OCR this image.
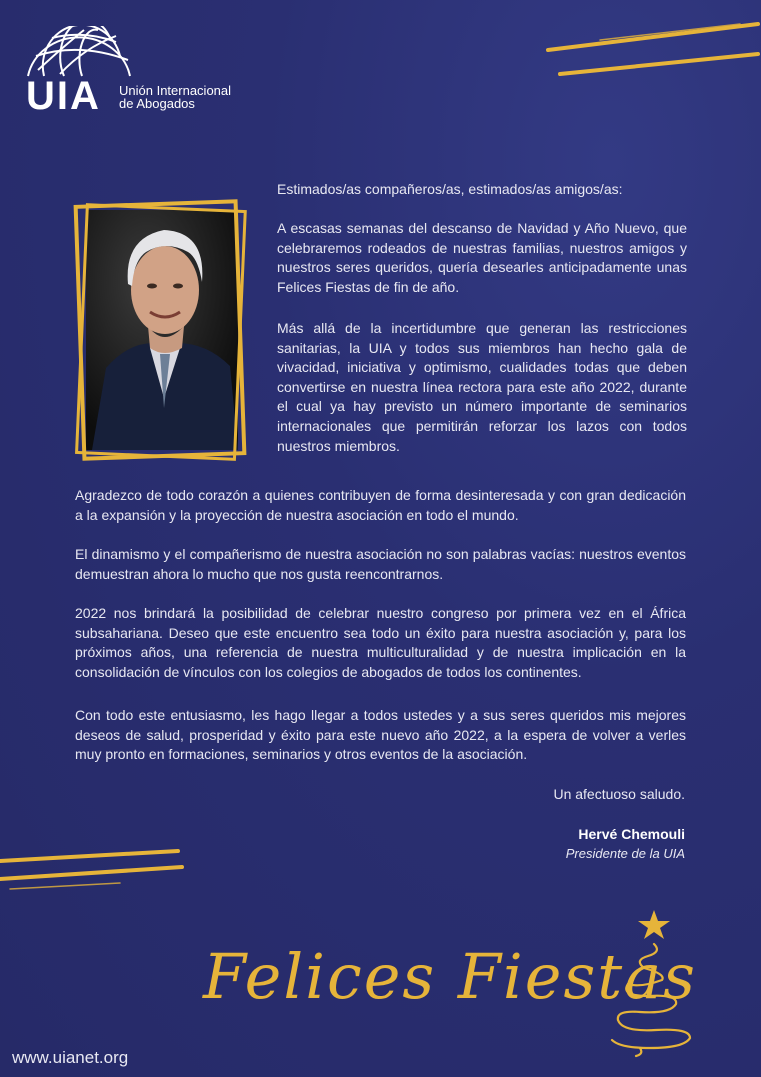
UIA Unión Internacional
de Abogados

Estimados/as compañeros/as, estimados/as amigos/as:

A escasas semanas del descanso de Navidad y Año Nuevo, que celebraremos rodeados de nuestras familias, nuestros amigos y nuestros seres queridos, quería desearles anticipadamente unas Felices Fiestas de fin de año.

Más allá de la incertidumbre que generan las restricciones sanitarias, la UIA y todos sus miembros han hecho gala de vivacidad, iniciativa y optimismo, cualidades todas que deben convertirse en nuestra línea rectora para este año 2022, durante el cual ya hay previsto un número importante de seminarios internacionales que permitirán reforzar los lazos con todos nuestros miembros.

Agradezco de todo corazón a quienes contribuyen de forma desinteresada y con gran dedicación a la expansión y la proyección de nuestra asociación en todo el mundo.

El dinamismo y el compañerismo de nuestra asociación no son palabras vacías: nuestros eventos demuestran ahora lo mucho que nos gusta reencontrarnos.

2022 nos brindará la posibilidad de celebrar nuestro congreso por primera vez en el África subsahariana. Deseo que este encuentro sea todo un éxito para nuestra asociación y, para los próximos años, una referencia de nuestra multiculturalidad y de nuestra implicación en la consolidación de vínculos con los colegios de abogados de todos los continentes.

Con todo este entusiasmo, les hago llegar a todos ustedes y a sus seres queridos mis mejores deseos de salud, prosperidad y éxito para este nuevo año 2022, a la espera de volver a verles muy pronto en formaciones, seminarios y otros eventos de la asociación.

Un afectuoso saludo.
Hervé Chemouli
Presidente de la UIA
Felices Fiestas
www.uianet.org
